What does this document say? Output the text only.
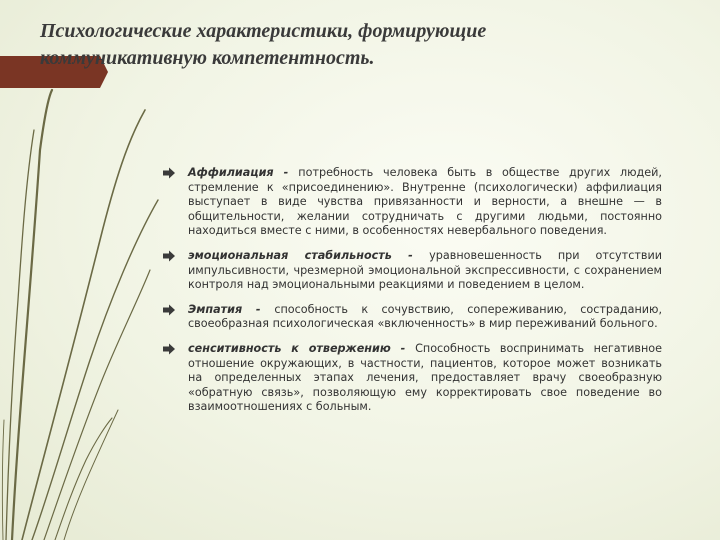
Психологические характеристики, формирующие
коммуникативную компетентность.

Аффилиация - потребность человека быть в обществе других людей, стремление к «присоединению». Внутренне (психологически) аффилиация выступает в виде чувства привязанности и верности, а внешне — в общительности, желании сотрудничать с другими людьми, постоянно находиться вместе с ними, в особенностях невербального поведения.

эмоциональная стабильность - уравновешенность при отсутствии импульсивности, чрезмерной эмоциональной экспрессивности, с сохранением контроля над эмоциональными реакциями и поведением в целом.

Эмпатия - способность к сочувствию, сопереживанию, состраданию, своеобразная психологическая «включенность» в мир переживаний больного.

сенситивность к отвержению - Способность воспринимать негативное отношение окружающих, в частности, пациентов, которое может возникать на определенных этапах лечения, предоставляет врачу своеобразную «обратную связь», позволяющую ему корректировать свое поведение во взаимоотношениях с больным.
